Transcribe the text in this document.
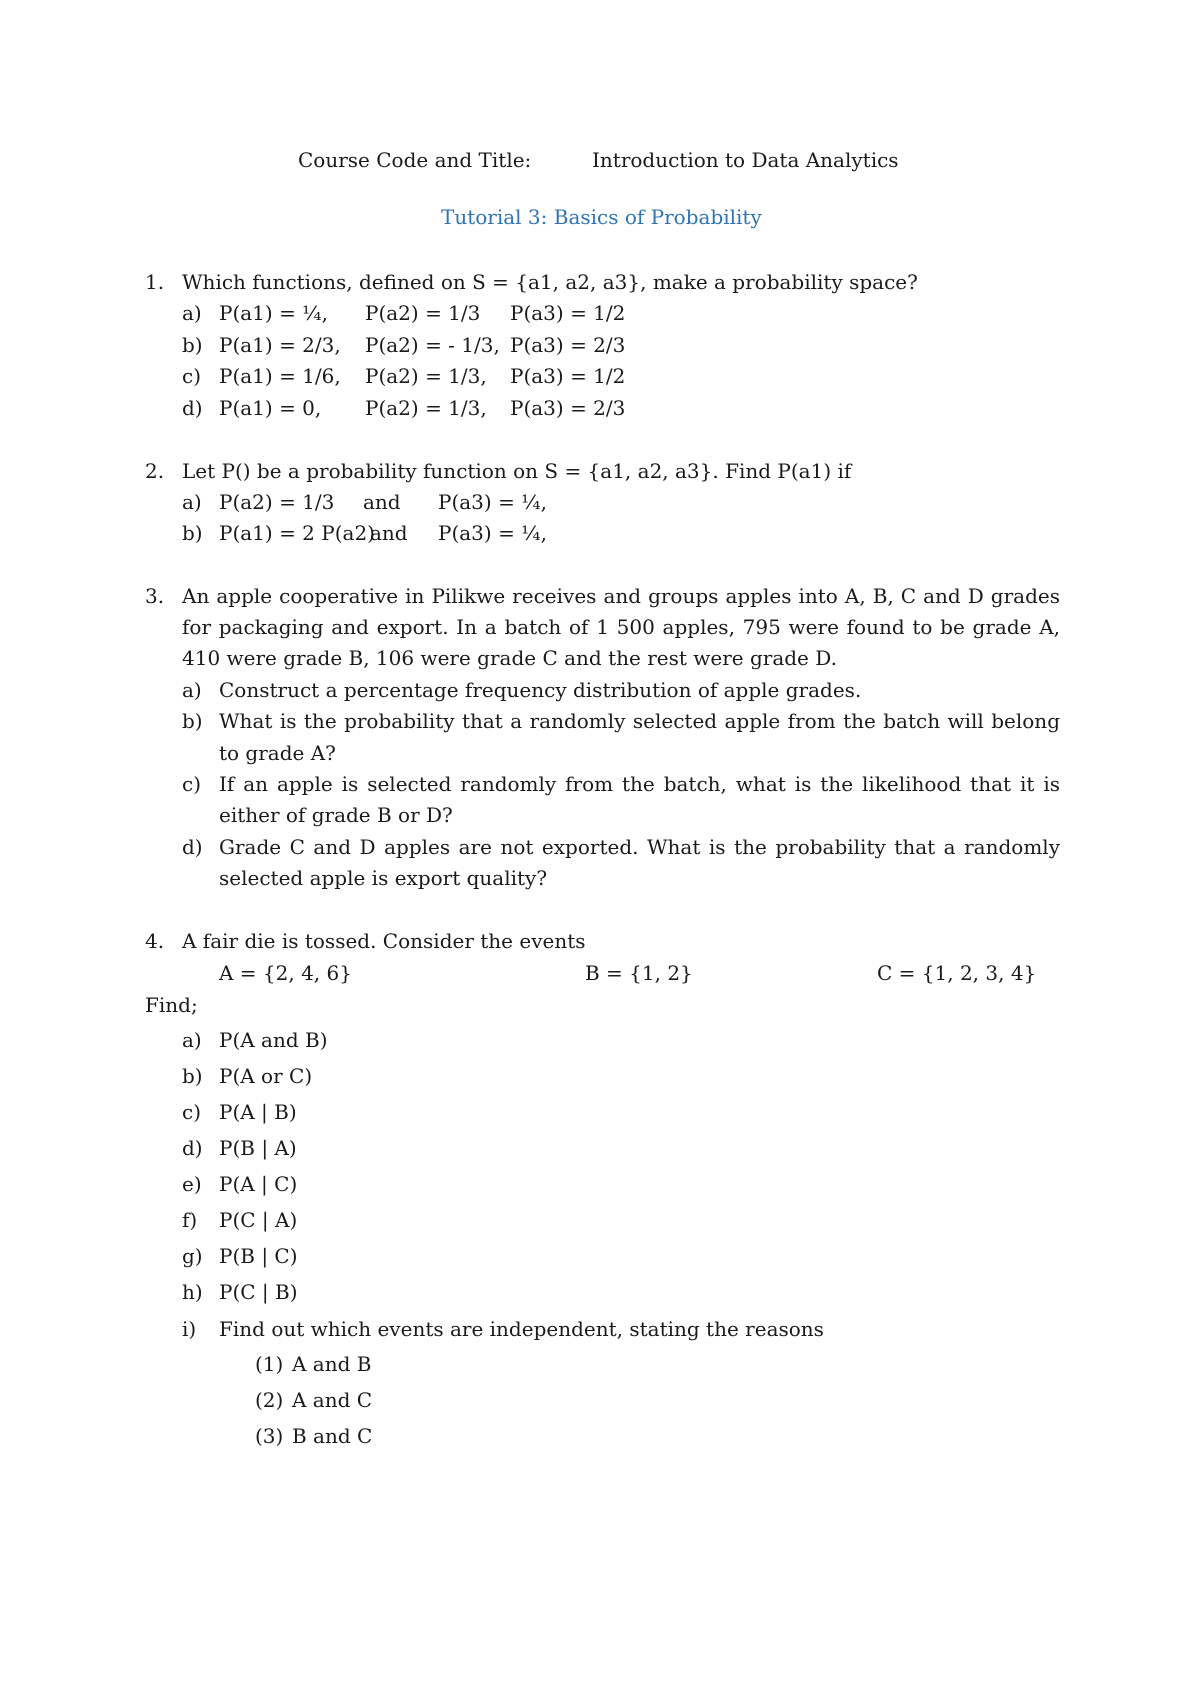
Course Code and Title:	Introduction to Data Analytics
Tutorial 3: Basics of Probability
1. Which functions, defined on S = {a1, a2, a3}, make a probability space?
a) P(a1) = ¼, P(a2) = 1/3 P(a3) = 1/2
b) P(a1) = 2/3, P(a2) = - 1/3, P(a3) = 2/3
c) P(a1) = 1/6, P(a2) = 1/3, P(a3) = 1/2
d) P(a1) = 0, P(a2) = 1/3, P(a3) = 2/3
2. Let P() be a probability function on S = {a1, a2, a3}. Find P(a1) if
a) P(a2) = 1/3 and P(a3) = ¼,
b) P(a1) = 2 P(a2)
and P(a3) = ¼,
3. An apple cooperative in Pilikwe receives and groups apples into A, B, C and D grades
for packaging and export. In a batch of 1 500 apples, 795 were found to be grade A,
410 were grade B, 106 were grade C and the rest were grade D.
a) Construct a percentage frequency distribution of apple grades.
b) What is the probability that a randomly selected apple from the batch will belong
to grade A?
c) If an apple is selected randomly from the batch, what is the likelihood that it is
either of grade B or D?
d) Grade C and D apples are not exported. What is the probability that a randomly
selected apple is export quality?
4. A fair die is tossed. Consider the events
A = {2, 4, 6}	B = {1, 2}	C = {1, 2, 3, 4}
Find;
a) P(A and B)
b) P(A or C)
c) P(A | B)
d) P(B | A)
e) P(A | C)
f) P(C | A)
g) P(B | C)
h) P(C | B)
i) Find out which events are independent, stating the reasons
(1) A and B
(2) A and C
(3) B and C
